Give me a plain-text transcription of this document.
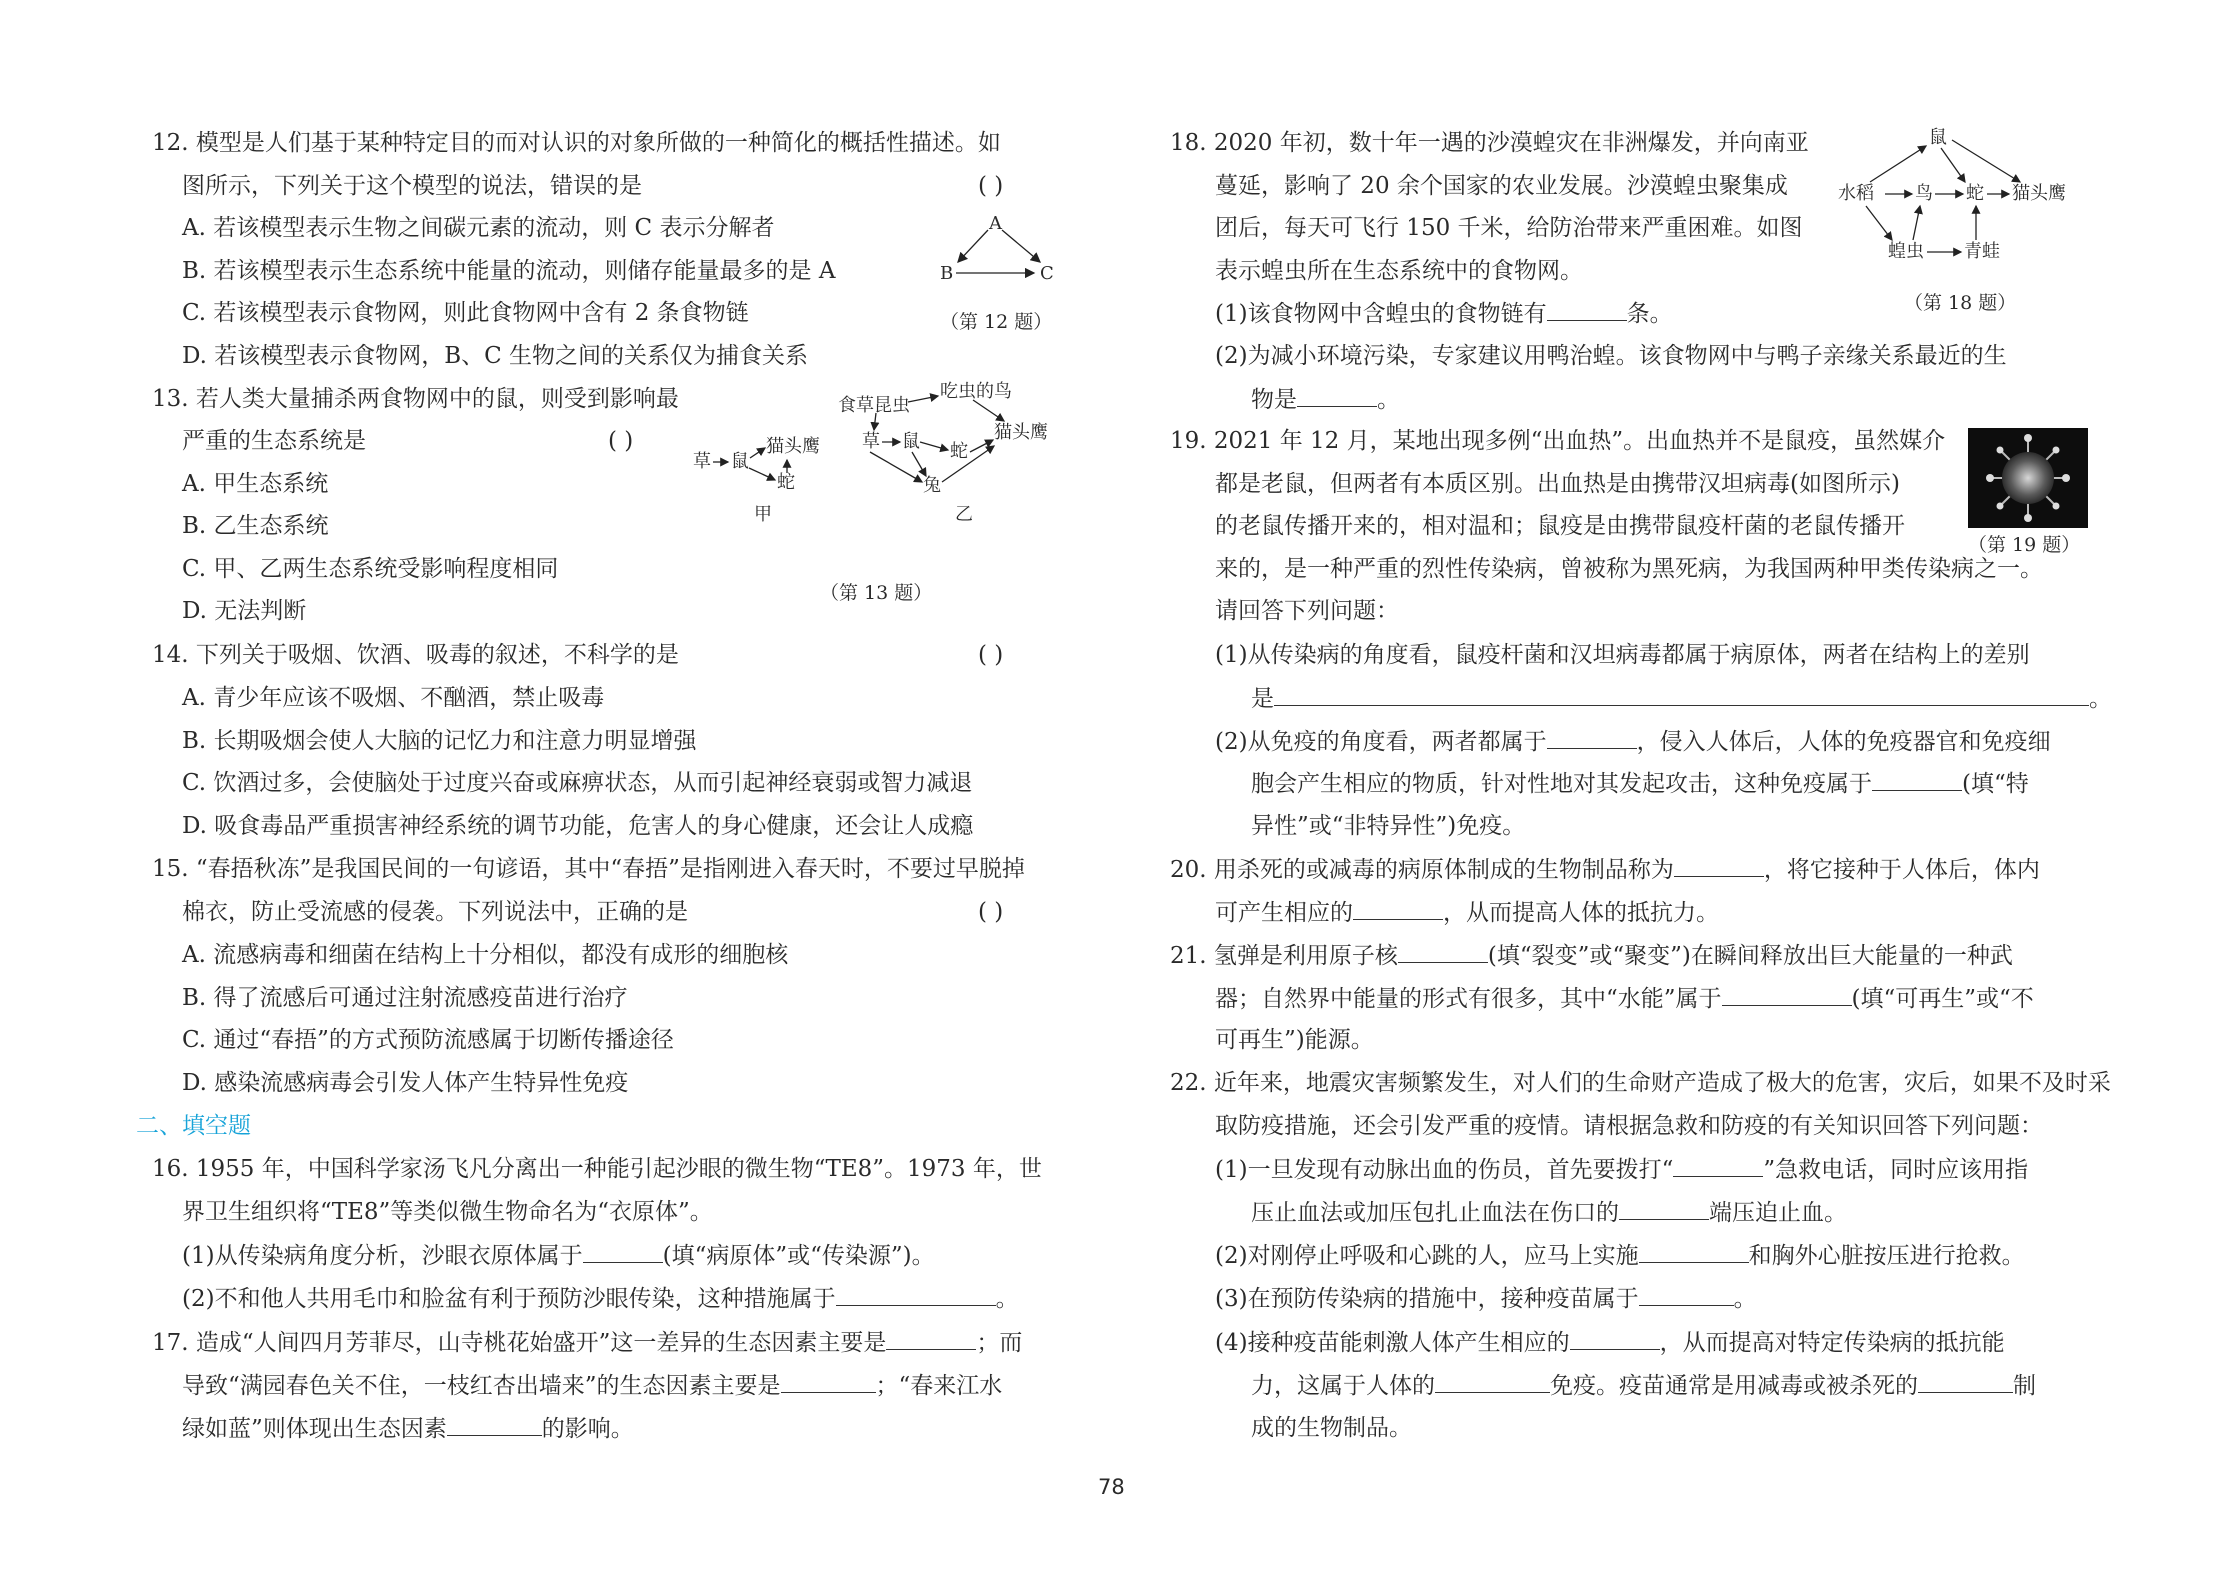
12. 模型是人们基于某种特定目的而对认识的对象所做的一种简化的概括性描述。如
图所示，下列关于这个模型的说法，错误的是	( )
A. 若该模型表示生物之间碳元素的流动，则 C 表示分解者
B. 若该模型表示生态系统中能量的流动，则储存能量最多的是 A
C. 若该模型表示食物网，则此食物网中含有 2 条食物链
D. 若该模型表示食物网，B、C 生物之间的关系仅为捕食关系
A
B	C
（第 12 题）
13. 若人类大量捕杀两食物网中的鼠，则受到影响最
严重的生态系统是	( )
A. 甲生态系统
B. 乙生态系统
C. 甲、乙两生态系统受影响程度相同
D. 无法判断
草 鼠
猫头鹰
蛇
甲
食草昆虫
吃虫的鸟
草 鼠 蛇
猫头鹰
兔
乙
（第 13 题）
14. 下列关于吸烟、饮酒、吸毒的叙述，不科学的是	( )
A. 青少年应该不吸烟、不酗酒，禁止吸毒
B. 长期吸烟会使人大脑的记忆力和注意力明显增强
C. 饮酒过多，会使脑处于过度兴奋或麻痹状态，从而引起神经衰弱或智力减退
D. 吸食毒品严重损害神经系统的调节功能，危害人的身心健康，还会让人成瘾
15. “春捂秋冻”是我国民间的一句谚语，其中“春捂”是指刚进入春天时，不要过早脱掉
棉衣，防止受流感的侵袭。下列说法中，正确的是	( )
A. 流感病毒和细菌在结构上十分相似，都没有成形的细胞核
B. 得了流感后可通过注射流感疫苗进行治疗
C. 通过“春捂”的方式预防流感属于切断传播途径
D. 感染流感病毒会引发人体产生特异性免疫
二、填空题
16. 1955 年，中国科学家汤飞凡分离出一种能引起沙眼的微生物“TE8”。1973 年，世
界卫生组织将“TE8”等类似微生物命名为“衣原体”。
(1)从传染病角度分析，沙眼衣原体属于	(填“病原体”或“传染源”)。
(2)不和他人共用毛巾和脸盆有利于预防沙眼传染，这种措施属于	。
17. 造成“人间四月芳菲尽，山寺桃花始盛开”这一差异的生态因素主要是	；而
导致“满园春色关不住，一枝红杏出墙来”的生态因素主要是	；“春来江水
绿如蓝”则体现出生态因素	的影响。
18. 2020 年初，数十年一遇的沙漠蝗灾在非洲爆发，并向南亚
蔓延，影响了 20 余个国家的农业发展。沙漠蝗虫聚集成
团后，每天可飞行 150 千米，给防治带来严重困难。如图
表示蝗虫所在生态系统中的食物网。
(1)该食物网中含蝗虫的食物链有	条。
(2)为减小环境污染，专家建议用鸭治蝗。该食物网中与鸭子亲缘关系最近的生
物是	。
鼠
水稻 鸟 蛇 猫头鹰
蝗虫 青蛙
（第 18 题）
19. 2021 年 12 月，某地出现多例“出血热”。出血热并不是鼠疫，虽然媒介
都是老鼠，但两者有本质区别。出血热是由携带汉坦病毒(如图所示)
的老鼠传播开来的，相对温和；鼠疫是由携带鼠疫杆菌的老鼠传播开
来的，是一种严重的烈性传染病，曾被称为黑死病，为我国两种甲类传染病之一。
请回答下列问题：
(1)从传染病的角度看，鼠疫杆菌和汉坦病毒都属于病原体，两者在结构上的差别
是	。
(2)从免疫的角度看，两者都属于	，侵入人体后，人体的免疫器官和免疫细
胞会产生相应的物质，针对性地对其发起攻击，这种免疫属于	(填“特
异性”或“非特异性”)免疫。
（第 19 题）
20. 用杀死的或减毒的病原体制成的生物制品称为	，将它接种于人体后，体内
可产生相应的	，从而提高人体的抵抗力。
21. 氢弹是利用原子核	(填“裂变”或“聚变”)在瞬间释放出巨大能量的一种武
器；自然界中能量的形式有很多，其中“水能”属于	(填“可再生”或“不
可再生”)能源。
22. 近年来，地震灾害频繁发生，对人们的生命财产造成了极大的危害，灾后，如果不及时采
取防疫措施，还会引发严重的疫情。请根据急救和防疫的有关知识回答下列问题：
(1)一旦发现有动脉出血的伤员，首先要拨打“	”急救电话，同时应该用指
压止血法或加压包扎止血法在伤口的	端压迫止血。
(2)对刚停止呼吸和心跳的人，应马上实施	和胸外心脏按压进行抢救。
(3)在预防传染病的措施中，接种疫苗属于	。
(4)接种疫苗能刺激人体产生相应的	，从而提高对特定传染病的抵抗能
力，这属于人体的	免疫。疫苗通常是用减毒或被杀死的	制
成的生物制品。
78
